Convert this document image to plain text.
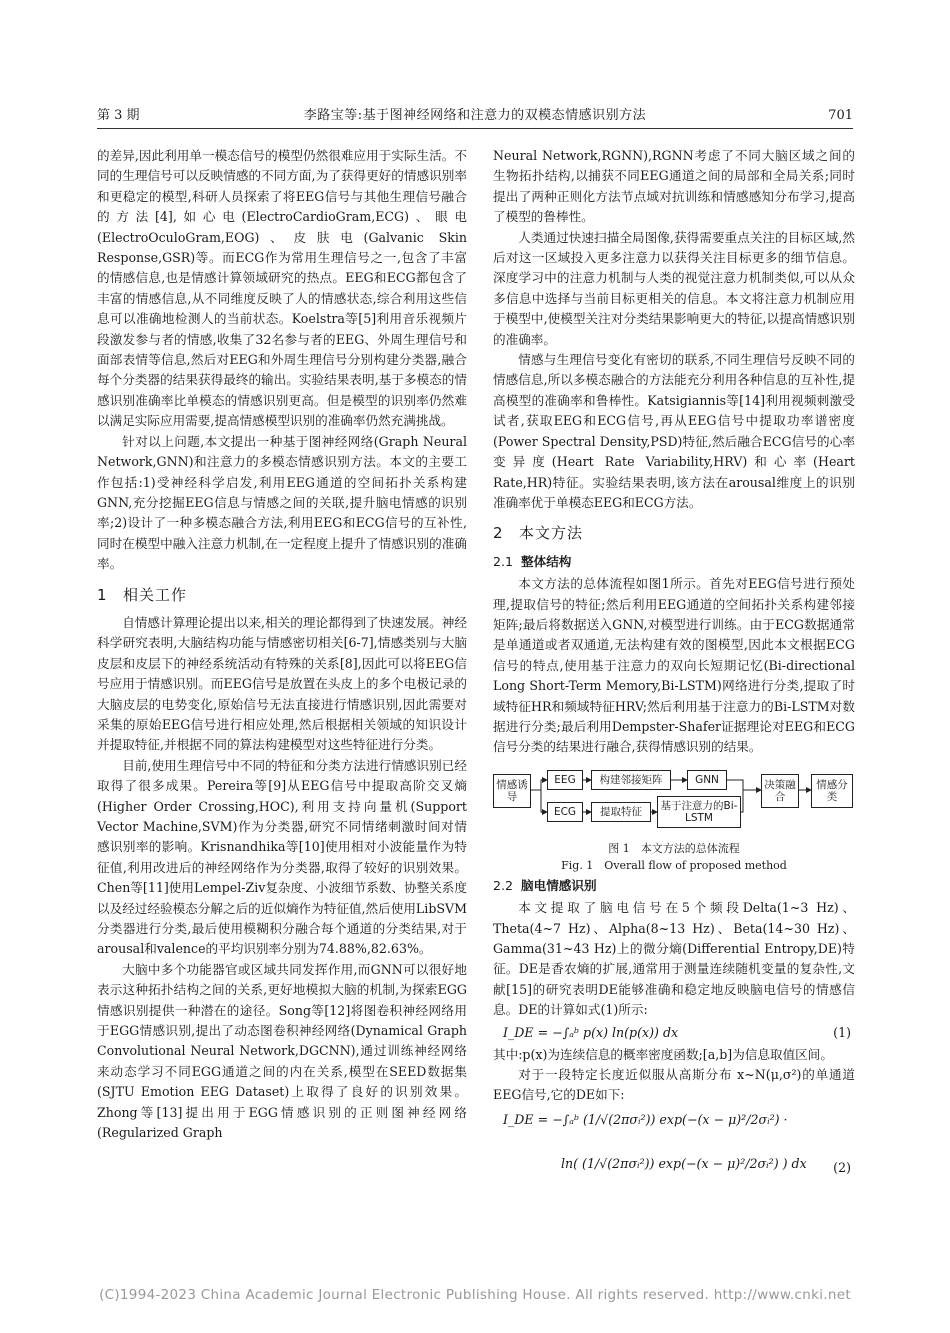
第 3 期	李路宝等:基于图神经网络和注意力的双模态情感识别方法	701

的差异,因此利用单一模态信号的模型仍然很难应用于实际生活。不同的生理信号可以反映情感的不同方面,为了获得更好的情感识别率和更稳定的模型,科研人员探索了将EEG信号与其他生理信号融合的方法[4],如心电(ElectroCardioGram,ECG)、眼电(ElectroOculoGram,EOG)、皮肤电(Galvanic Skin Response,GSR)等。而ECG作为常用生理信号之一,包含了丰富的情感信息,也是情感计算领域研究的热点。EEG和ECG都包含了丰富的情感信息,从不同维度反映了人的情感状态,综合利用这些信息可以准确地检测人的当前状态。Koelstra等[5]利用音乐视频片段激发参与者的情感,收集了32名参与者的EEG、外周生理信号和面部表情等信息,然后对EEG和外周生理信号分别构建分类器,融合每个分类器的结果获得最终的输出。实验结果表明,基于多模态的情感识别准确率比单模态的情感识别更高。但是模型的识别率仍然难以满足实际应用需要,提高情感模型识别的准确率仍然充满挑战。

针对以上问题,本文提出一种基于图神经网络(Graph Neural Network,GNN)和注意力的多模态情感识别方法。本文的主要工作包括:1)受神经科学启发,利用EEG通道的空间拓扑关系构建GNN,充分挖掘EEG信息与情感之间的关联,提升脑电情感的识别率;2)设计了一种多模态融合方法,利用EEG和ECG信号的互补性,同时在模型中融入注意力机制,在一定程度上提升了情感识别的准确率。

1 相关工作

自情感计算理论提出以来,相关的理论都得到了快速发展。神经科学研究表明,大脑结构功能与情感密切相关[6-7],情感类别与大脑皮层和皮层下的神经系统活动有特殊的关系[8],因此可以将EEG信号应用于情感识别。而EEG信号是放置在头皮上的多个电极记录的大脑皮层的电势变化,原始信号无法直接进行情感识别,因此需要对采集的原始EEG信号进行相应处理,然后根据相关领域的知识设计并提取特征,并根据不同的算法构建模型对这些特征进行分类。

目前,使用生理信号中不同的特征和分类方法进行情感识别已经取得了很多成果。Pereira等[9]从EEG信号中提取高阶交叉熵(Higher Order Crossing,HOC),利用支持向量机(Support Vector Machine,SVM)作为分类器,研究不同情绪刺激时间对情感识别率的影响。Krisnandhika等[10]使用相对小波能量作为特征值,利用改进后的神经网络作为分类器,取得了较好的识别效果。Chen等[11]使用Lempel-Ziv复杂度、小波细节系数、协整关系度以及经过经验模态分解之后的近似熵作为特征值,然后使用LibSVM分类器进行分类,最后使用模糊积分融合每个通道的分类结果,对于arousal和valence的平均识别率分别为74.88%,82.63%。

大脑中多个功能器官或区域共同发挥作用,而GNN可以很好地表示这种拓扑结构之间的关系,更好地模拟大脑的机制,为探索EGG情感识别提供一种潜在的途径。Song等[12]将图卷积神经网络用于EGG情感识别,提出了动态图卷积神经网络(Dynamical Graph Convolutional Neural Network,DGCNN),通过训练神经网络来动态学习不同EGG通道之间的内在关系,模型在SEED数据集(SJTU Emotion EEG Dataset)上取得了良好的识别效果。Zhong等[13]提出用于EGG情感识别的正则图神经网络(Regularized Graph

Neural Network,RGNN),RGNN考虑了不同大脑区域之间的生物拓扑结构,以捕获不同EEG通道之间的局部和全局关系;同时提出了两种正则化方法节点域对抗训练和情感感知分布学习,提高了模型的鲁棒性。

人类通过快速扫描全局图像,获得需要重点关注的目标区域,然后对这一区域投入更多注意力以获得关注目标更多的细节信息。深度学习中的注意力机制与人类的视觉注意力机制类似,可以从众多信息中选择与当前目标更相关的信息。本文将注意力机制应用于模型中,使模型关注对分类结果影响更大的特征,以提高情感识别的准确率。

情感与生理信号变化有密切的联系,不同生理信号反映不同的情感信息,所以多模态融合的方法能充分利用各种信息的互补性,提高模型的准确率和鲁棒性。Katsigiannis等[14]利用视频刺激受试者,获取EEG和ECG信号,再从EEG信号中提取功率谱密度(Power Spectral Density,PSD)特征,然后融合ECG信号的心率变异度(Heart Rate Variability,HRV)和心率(Heart Rate,HR)特征。实验结果表明,该方法在arousal维度上的识别准确率优于单模态EEG和ECG方法。

2 本文方法
2.1 整体结构

本文方法的总体流程如图1所示。首先对EEG信号进行预处理,提取信号的特征;然后利用EEG通道的空间拓扑关系构建邻接矩阵;最后将数据送入GNN,对模型进行训练。由于ECG数据通常是单通道或者双通道,无法构建有效的图模型,因此本文根据ECG信号的特点,使用基于注意力的双向长短期记忆(Bi-directional Long Short-Term Memory,Bi-LSTM)网络进行分类,提取了时域特征HR和频域特征HRV;然后利用基于注意力的Bi-LSTM对数据进行分类;最后利用Dempster-Shafer证据理论对EEG和ECG信号分类的结果进行融合,获得情感识别的结果。

情感诱导
EEG	构建邻接矩阵	GNN
ECG	提取特征	基于注意力的Bi-LSTM
决策融合
情感分类
图 1　本文方法的总体流程
Fig. 1　Overall flow of proposed method
2.2 脑电情感识别

本文提取了脑电信号在5个频段Delta(1~3 Hz)、Theta(4~7 Hz)、Alpha(8~13 Hz)、Beta(14~30 Hz)、Gamma(31~43 Hz)上的微分熵(Differential Entropy,DE)特征。DE是香农熵的扩展,通常用于测量连续随机变量的复杂性,文献[15]的研究表明DE能够准确和稳定地反映脑电信号的情感信息。DE的计算如式(1)所示:

I_DE = −∫ₐᵇ p(x) ln(p(x)) dx	(1)

其中:p(x)为连续信息的概率密度函数;[a,b]为信息取值区间。

对于一段特定长度近似服从高斯分布 x~N(μ,σ²)的单通道EEG信号,它的DE如下:

I_DE = −∫ₐᵇ (1/√(2πσᵢ²)) exp(−(x − μ)²/2σᵢ²) ·
ln( (1/√(2πσᵢ²)) exp(−(x − μ)²/2σᵢ²) ) dx (2)
(C)1994-2023 China Academic Journal Electronic Publishing House. All rights reserved. http://www.cnki.net
